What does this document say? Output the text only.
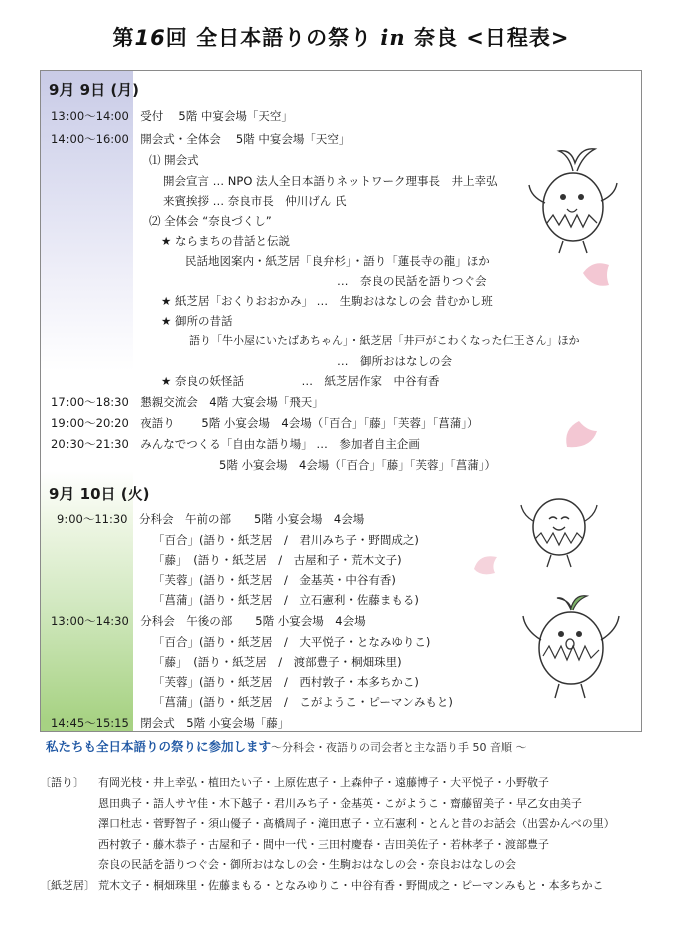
第16回 全日本語りの祭り in 奈良 <日程表>
9月 9日 (月)
13:00～14:00　受付　 5階 中宴会場「天空」
14:00～16:00　開会式・全体会　 5階 中宴会場「天空」
⑴ 開会式
開会宣言 … NPO 法人全日本語りネットワーク理事長　井上幸弘
来賓挨拶 … 奈良市長　仲川げん 氏
⑵ 全体会 “奈良づくし”
★ ならまちの昔話と伝説
民話地図案内・紙芝居「良弁杉」・語り「蓮長寺の龍」ほか
…　奈良の民話を語りつぐ会
★ 紙芝居「おくりおおかみ」 …　生駒おはなしの会 昔むかし班
★ 御所の昔話
語り「牛小屋にいたばあちゃん」・紙芝居「井戸がこわくなった仁王さん」ほか
…　御所おはなしの会
★ 奈良の妖怪話　　　　　…　紙芝居作家　中谷有香
17:00～18:30　懇親交流会　4階 大宴会場「飛天」
19:00～20:20　夜語り　　 5階 小宴会場　4会場（「百合」「藤」「芙蓉」「菖蒲」）
20:30～21:30　みんなでつくる「自由な語り場」 …　参加者自主企画
5階 小宴会場　4会場（「百合」「藤」「芙蓉」「菖蒲」）
9月 10日 (火)
9:00～11:30　分科会　午前の部　　5階 小宴会場　4会場
「百合」(語り・紙芝居　/　君川みち子・野間成之)
「藤」　(語り・紙芝居　/　古屋和子・荒木文子)
「芙蓉」(語り・紙芝居　/　金基英・中谷有香)
「菖蒲」(語り・紙芝居　/　立石憲利・佐藤まもる)
13:00～14:30　分科会　午後の部　　5階 小宴会場　4会場
「百合」(語り・紙芝居　/　大平悦子・となみゆりこ)
「藤」　(語り・紙芝居　/　渡部豊子・桐畑珠里)
「芙蓉」(語り・紙芝居　/　西村敦子・本多ちかこ)
「菖蒲」(語り・紙芝居　/　こがようこ・ピーマンみもと)
14:45～15:15　閉会式　5階 小宴会場「藤」
私たちも全日本語りの祭りに参加します～分科会・夜語りの司会者と主な語り手 50 音順 ～
〔語り〕 有岡光枝・井上幸弘・植田たい子・上原佐恵子・上森仲子・遠藤博子・大平悦子・小野敬子
恩田典子・語人サヤ佳・木下越子・君川みち子・金基英・こがようこ・齋藤留美子・早乙女由美子
澤口杜志・菅野智子・須山優子・髙橋周子・滝田恵子・立石憲利・とんと昔のお話会（出雲かんべの里）
西村敦子・藤木恭子・古屋和子・間中一代・三田村慶春・吉田美佐子・若林孝子・渡部豊子
奈良の民話を語りつぐ会・御所おはなしの会・生駒おはなしの会・奈良おはなしの会
〔紙芝居〕 荒木文子・桐畑珠里・佐藤まもる・となみゆりこ・中谷有香・野間成之・ピーマンみもと・本多ちかこ
